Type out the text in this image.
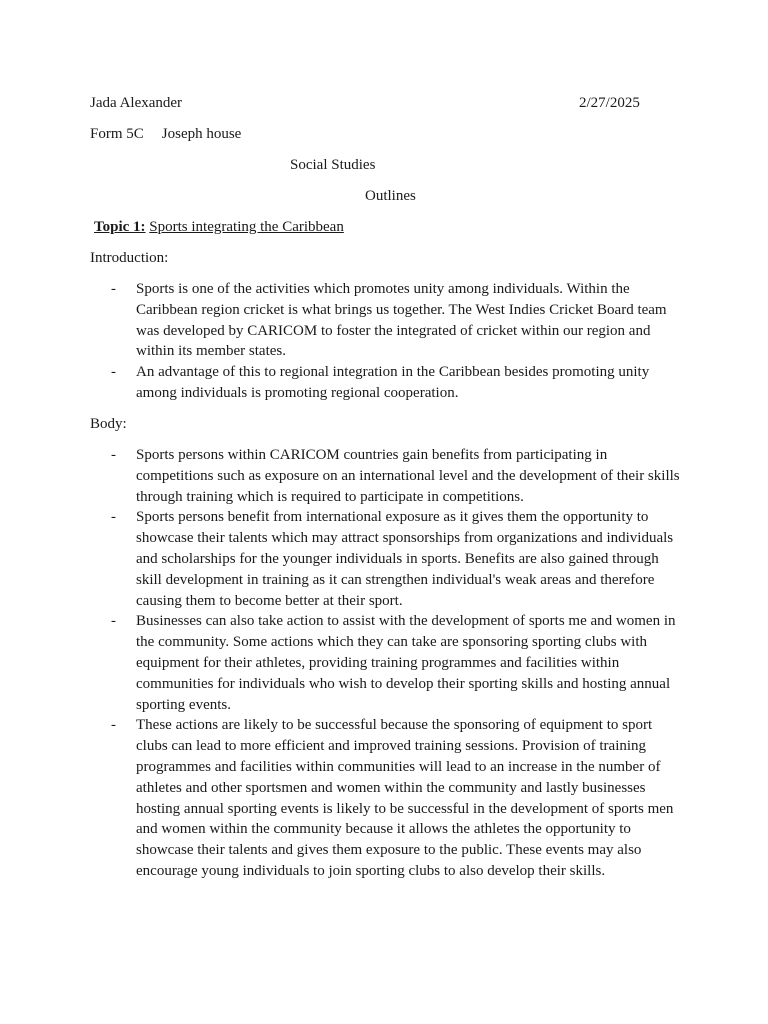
Jada Alexander	2/27/2025
Form 5C Joseph house
Social Studies
Outlines
Topic 1: Sports integrating the Caribbean
Introduction:
- Sports is one of the activities which promotes unity among individuals. Within the Caribbean region cricket is what brings us together. The West Indies Cricket Board team was developed by CARICOM to foster the integrated of cricket within our region and within its member states.
- An advantage of this to regional integration in the Caribbean besides promoting unity among individuals is promoting regional cooperation.
Body:
- Sports persons within CARICOM countries gain benefits from participating in competitions such as exposure on an international level and the development of their skills through training which is required to participate in competitions.
- Sports persons benefit from international exposure as it gives them the opportunity to showcase their talents which may attract sponsorships from organizations and individuals and scholarships for the younger individuals in sports. Benefits are also gained through skill development in training as it can strengthen individual's weak areas and therefore causing them to become better at their sport.
- Businesses can also take action to assist with the development of sports me and women in the community. Some actions which they can take are sponsoring sporting clubs with equipment for their athletes, providing training programmes and facilities within communities for individuals who wish to develop their sporting skills and hosting annual sporting events.
- These actions are likely to be successful because the sponsoring of equipment to sport clubs can lead to more efficient and improved training sessions. Provision of training programmes and facilities within communities will lead to an increase in the number of athletes and other sportsmen and women within the community and lastly businesses hosting annual sporting events is likely to be successful in the development of sports men and women within the community because it allows the athletes the opportunity to showcase their talents and gives them exposure to the public. These events may also encourage young individuals to join sporting clubs to also develop their skills.
